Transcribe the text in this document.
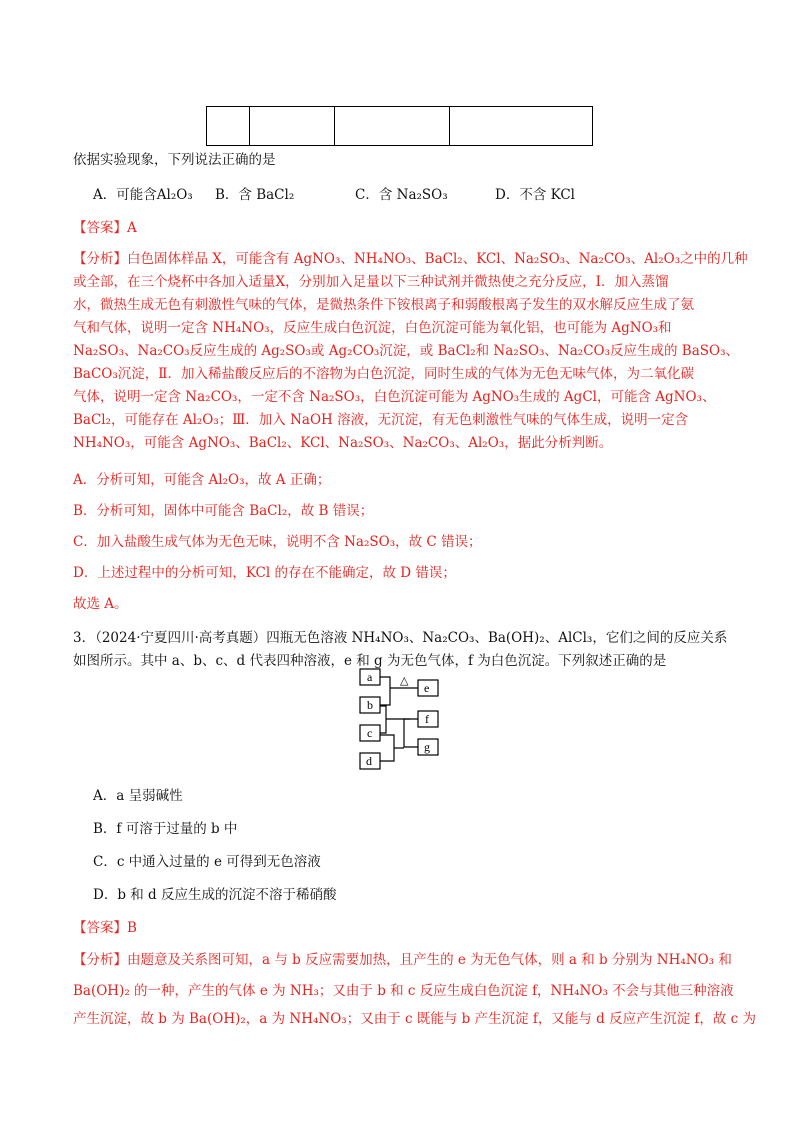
依据实验现象，下列说法正确的是
A．可能含Al₂O₃ B．含 BaCl₂	C．含 Na₂SO₃	D．不含 KCl
【答案】A
【分析】白色固体样品 X，可能含有 AgNO₃、NH₄NO₃、BaCl₂、KCl、Na₂SO₃、Na₂CO₃、Al₂O₃之中的几种
或全部，在三个烧杯中各加入适量X，分别加入足量以下三种试剂并微热使之充分反应，Ⅰ．加入蒸馏
水，微热生成无色有刺激性气味的气体，是微热条件下铵根离子和弱酸根离子发生的双水解反应生成了氨
气和气体，说明一定含 NH₄NO₃，反应生成白色沉淀，白色沉淀可能为氧化铝，也可能为 AgNO₃和
Na₂SO₃、Na₂CO₃反应生成的 Ag₂SO₃或 Ag₂CO₃沉淀，或 BaCl₂和 Na₂SO₃、Na₂CO₃反应生成的 BaSO₃、
BaCO₃沉淀，Ⅱ．加入稀盐酸反应后的不溶物为白色沉淀，同时生成的气体为无色无味气体，为二氧化碳
气体，说明一定含 Na₂CO₃，一定不含 Na₂SO₃，白色沉淀可能为 AgNO₃生成的 AgCl，可能含 AgNO₃、
BaCl₂，可能存在 Al₂O₃；Ⅲ．加入 NaOH 溶液，无沉淀，有无色刺激性气味的气体生成，说明一定含
NH₄NO₃，可能含 AgNO₃、BaCl₂、KCl、Na₂SO₃、Na₂CO₃、Al₂O₃，据此分析判断。
A．分析可知，可能含 Al₂O₃，故 A 正确；
B．分析可知，固体中可能含 BaCl₂，故 B 错误；
C．加入盐酸生成气体为无色无味，说明不含 Na₂SO₃，故 C 错误；
D．上述过程中的分析可知，KCl 的存在不能确定，故 D 错误；
故选 A。
3．（2024·宁夏四川·高考真题）四瓶无色溶液 NH₄NO₃、Na₂CO₃、Ba(OH)₂、AlCl₃，它们之间的反应关系
如图所示。其中 a、b、c、d 代表四种溶液，e 和 g 为无色气体，f 为白色沉淀。下列叙述正确的是
a
b
c
d
e
f
g
△
A．a 呈弱碱性
B．f 可溶于过量的 b 中
C．c 中通入过量的 e 可得到无色溶液
D．b 和 d 反应生成的沉淀不溶于稀硝酸
【答案】B
【分析】由题意及关系图可知，a 与 b 反应需要加热，且产生的 e 为无色气体，则 a 和 b 分别为 NH₄NO₃ 和
Ba(OH)₂ 的一种，产生的气体 e 为 NH₃；又由于 b 和 c 反应生成白色沉淀 f，NH₄NO₃ 不会与其他三种溶液
产生沉淀，故 b 为 Ba(OH)₂，a 为 NH₄NO₃；又由于 c 既能与 b 产生沉淀 f，又能与 d 反应产生沉淀 f，故 c 为
